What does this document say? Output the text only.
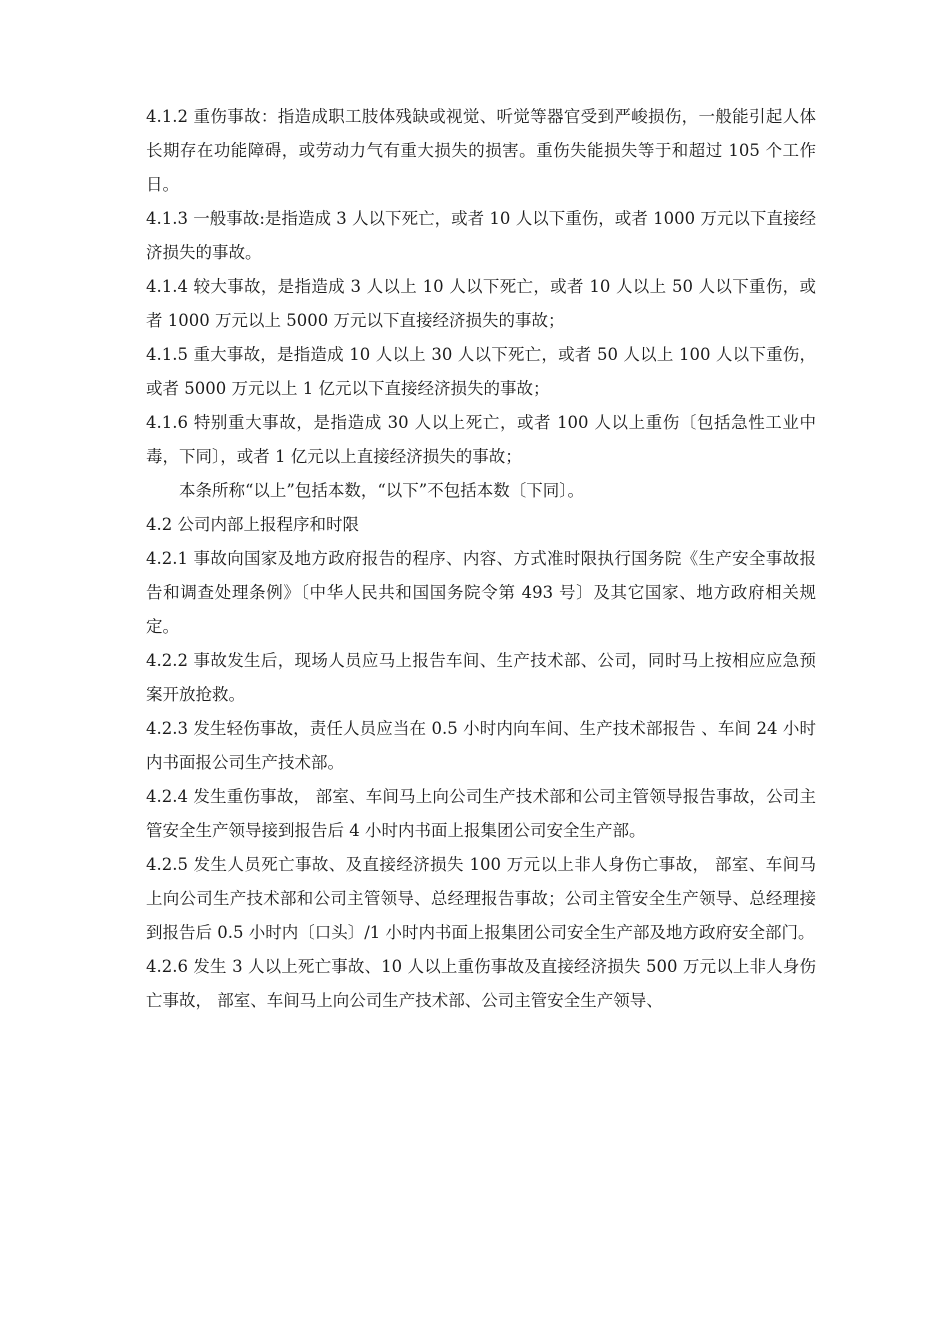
4.1.2 重伤事故：指造成职工肢体残缺或视觉、听觉等器官受到严峻损伤，一般能引起人体长期存在功能障碍，或劳动力气有重大损失的损害。重伤失能损失等于和超过 105 个工作日。

4.1.3 一般事故:是指造成 3 人以下死亡，或者 10 人以下重伤，或者 1000 万元以下直接经济损失的事故。

4.1.4 较大事故，是指造成 3 人以上 10 人以下死亡，或者 10 人以上 50 人以下重伤，或者 1000 万元以上 5000 万元以下直接经济损失的事故；

4.1.5 重大事故，是指造成 10 人以上 30 人以下死亡，或者 50 人以上 100 人以下重伤，或者 5000 万元以上 1 亿元以下直接经济损失的事故；

4.1.6 特别重大事故，是指造成 30 人以上死亡，或者 100 人以上重伤〔包括急性工业中毒，下同〕，或者 1 亿元以上直接经济损失的事故；

本条所称“以上”包括本数，“以下”不包括本数〔下同〕。

4.2 公司内部上报程序和时限

4.2.1 事故向国家及地方政府报告的程序、内容、方式准时限执行国务院《生产安全事故报告和调查处理条例》〔中华人民共和国国务院令第 493 号〕及其它国家、地方政府相关规定。

4.2.2 事故发生后，现场人员应马上报告车间、生产技术部、公司，同时马上按相应应急预案开放抢救。

4.2.3 发生轻伤事故，责任人员应当在 0.5 小时内向车间、生产技术部报告 、车间 24 小时内书面报公司生产技术部。

4.2.4 发生重伤事故， 部室、车间马上向公司生产技术部和公司主管领导报告事故，公司主管安全生产领导接到报告后 4 小时内书面上报集团公司安全生产部。

4.2.5 发生人员死亡事故、及直接经济损失 100 万元以上非人身伤亡事故， 部室、车间马上向公司生产技术部和公司主管领导、总经理报告事故；公司主管安全生产领导、总经理接到报告后 0.5 小时内〔口头〕/1 小时内书面上报集团公司安全生产部及地方政府安全部门。

4.2.6 发生 3 人以上死亡事故、10 人以上重伤事故及直接经济损失 500 万元以上非人身伤亡事故， 部室、车间马上向公司生产技术部、公司主管安全生产领导、
